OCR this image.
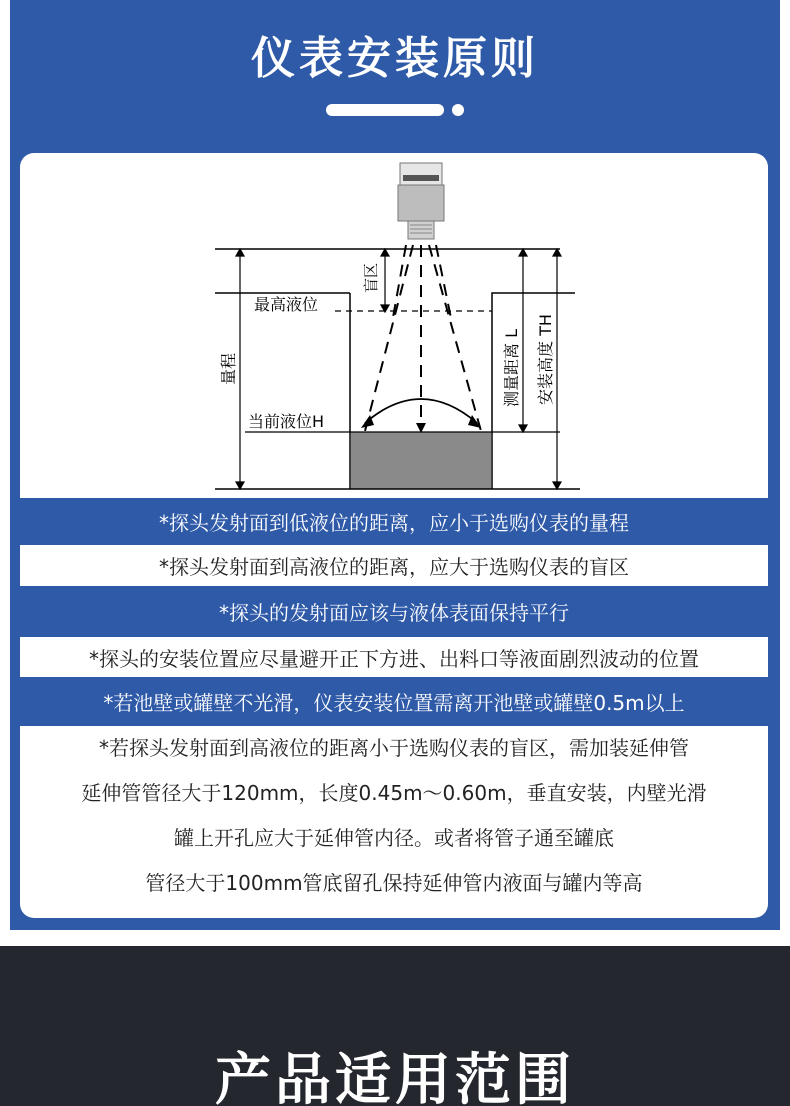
仪表安装原则
盲区
最高液位
量程
当前液位H
测量距离 L 安装高度 TH
*探头发射面到低液位的距离，应小于选购仪表的量程
*探头发射面到高液位的距离，应大于选购仪表的盲区
*探头的发射面应该与液体表面保持平行
*探头的安装位置应尽量避开正下方进、出料口等液面剧烈波动的位置
*若池壁或罐壁不光滑，仪表安装位置需离开池壁或罐壁0.5m以上
*若探头发射面到高液位的距离小于选购仪表的盲区，需加装延伸管
延伸管管径大于120mm，长度0.45m～0.60m，垂直安装，内壁光滑
罐上开孔应大于延伸管内径。或者将管子通至罐底
管径大于100mm管底留孔保持延伸管内液面与罐内等高
产品适用范围
